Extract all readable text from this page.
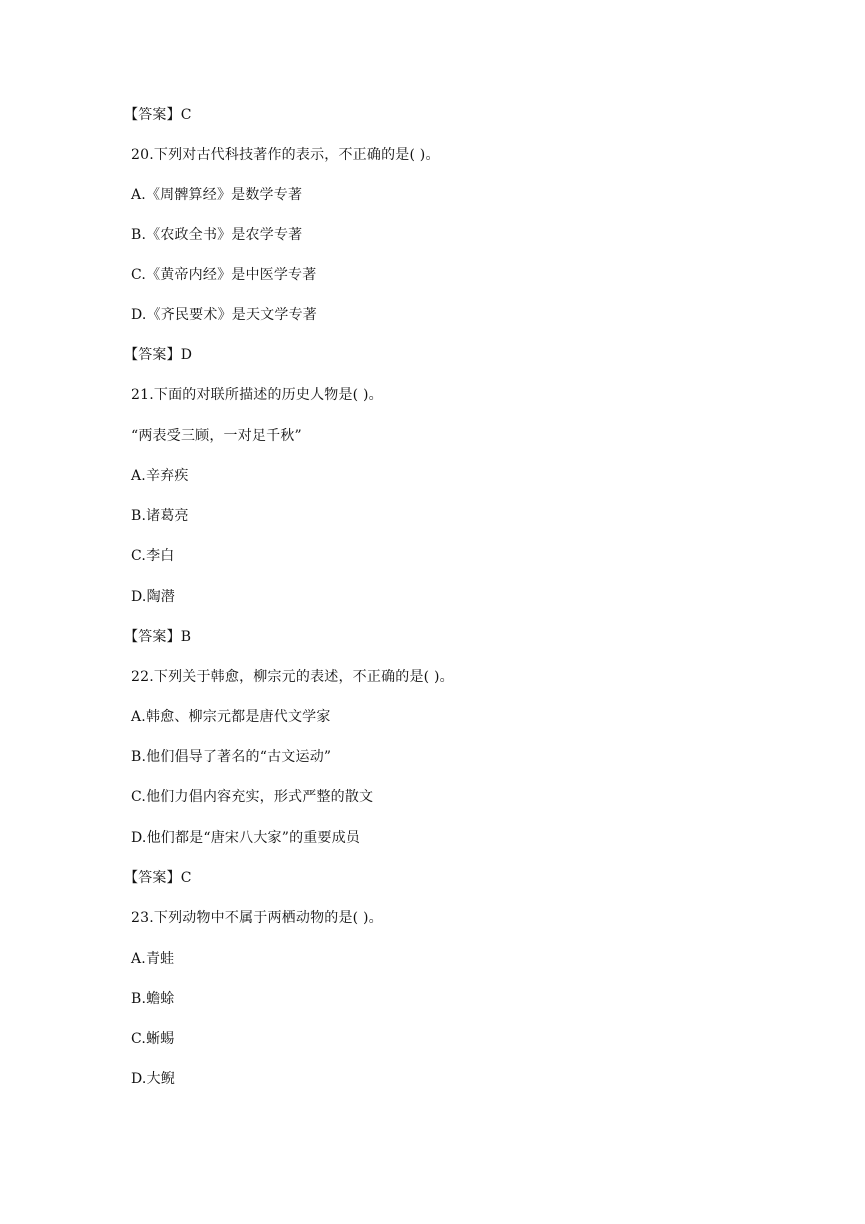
【答案】C
20.下列对古代科技著作的表示，不正确的是( )。
A.《周髀算经》是数学专著
B.《农政全书》是农学专著
C.《黄帝内经》是中医学专著
D.《齐民要术》是天文学专著
【答案】D
21.下面的对联所描述的历史人物是( )。
“两表受三顾，一对足千秋”
A.辛弃疾
B.诸葛亮
C.李白
D.陶潜
【答案】B
22.下列关于韩愈，柳宗元的表述，不正确的是( )。
A.韩愈、柳宗元都是唐代文学家
B.他们倡导了著名的“古文运动”
C.他们力倡内容充实，形式严整的散文
D.他们都是“唐宋八大家”的重要成员
【答案】C
23.下列动物中不属于两栖动物的是( )。
A.青蛙
B.蟾蜍
C.蜥蜴
D.大鲵
